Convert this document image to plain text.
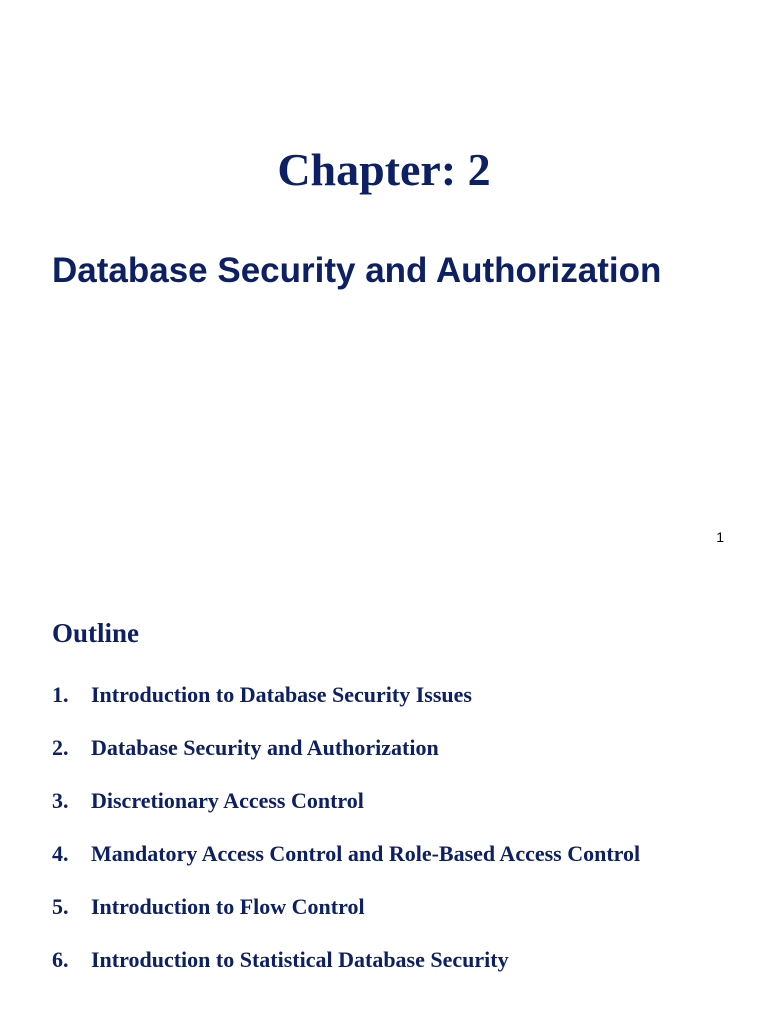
Chapter: 2
Database Security and Authorization
1
Outline
1.	Introduction to Database Security Issues
2.	Database Security and Authorization
3.	Discretionary Access Control
4.	Mandatory Access Control and Role-Based Access Control
5.	Introduction to Flow Control
6.	Introduction to Statistical Database Security
